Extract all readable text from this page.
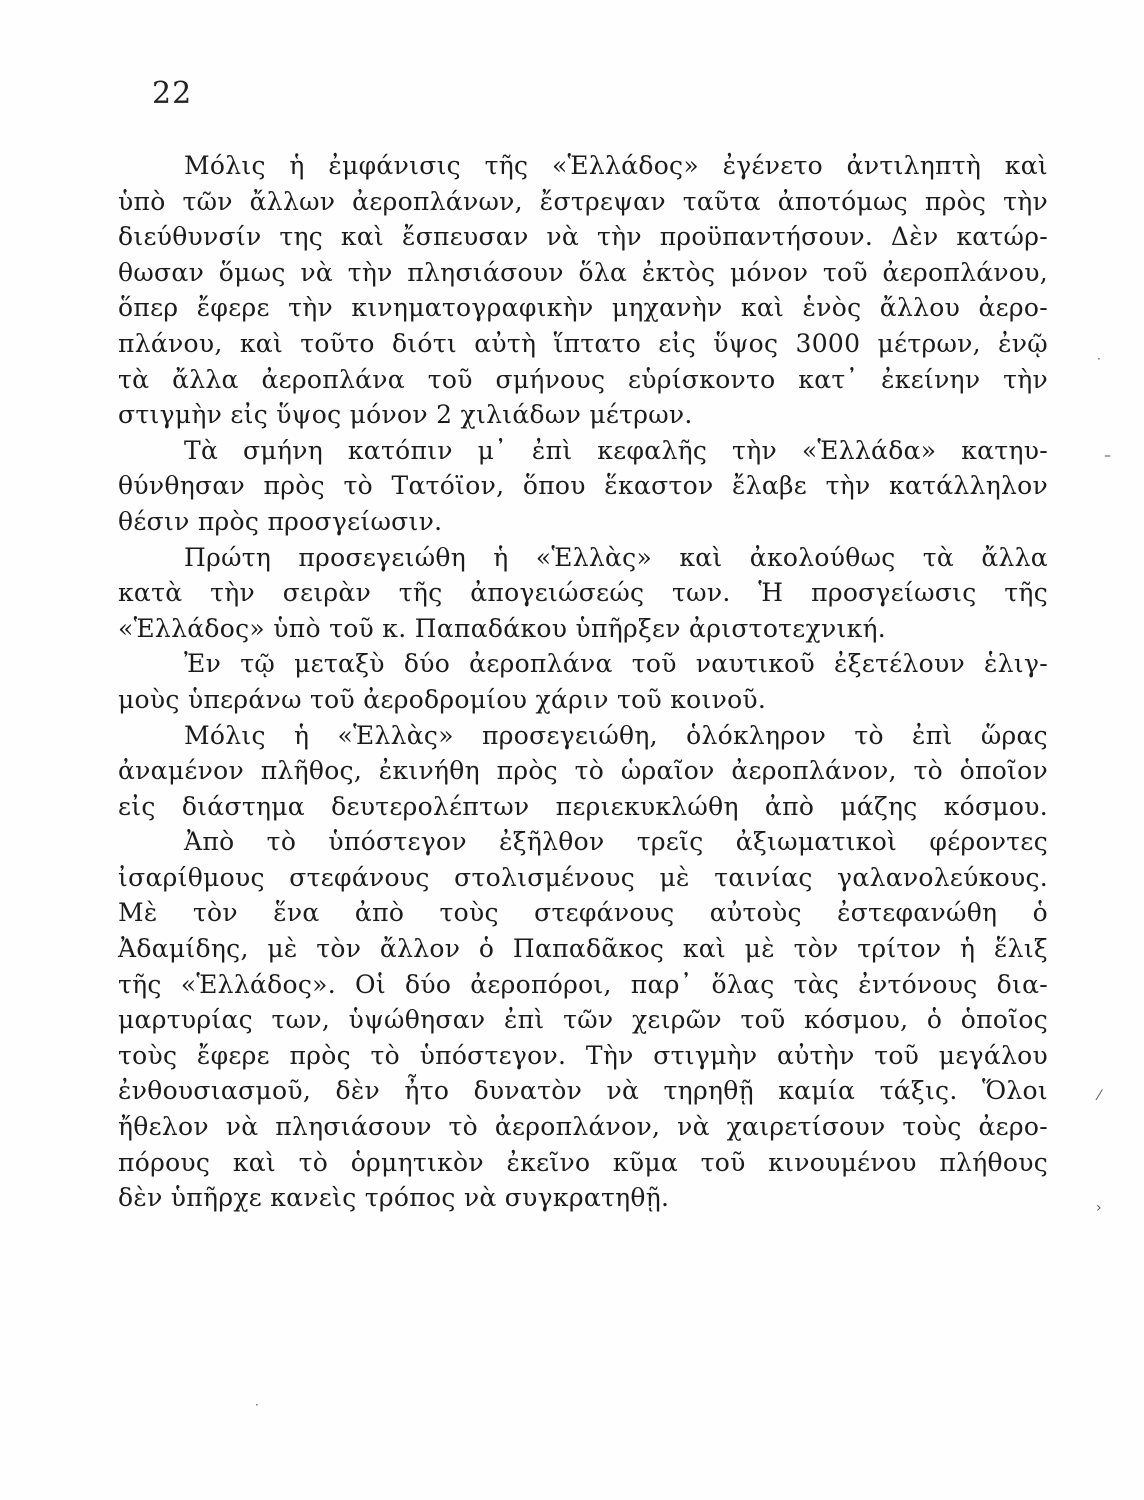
22
Μόλις ἡ ἐμφάνισις τῆς «Ἑλλάδος» ἐγένετο ἀντιληπτὴ καὶ
ὑπὸ τῶν ἄλλων ἀεροπλάνων, ἔστρεψαν ταῦτα ἀποτόμως πρὸς τὴν
διεύθυνσίν της καὶ ἔσπευσαν νὰ τὴν προϋπαντήσουν. Δὲν κατώρ-
θωσαν ὅμως νὰ τὴν πλησιάσουν ὅλα ἐκτὸς μόνον τοῦ ἀεροπλάνου,
ὅπερ ἔφερε τὴν κινηματογραφικὴν μηχανὴν καὶ ἑνὸς ἄλλου ἀερο-
πλάνου, καὶ τοῦτο διότι αὐτὴ ἵπτατο εἰς ὕψος 3000 μέτρων, ἐνῷ
τὰ ἄλλα ἀεροπλάνα τοῦ σμήνους εὑρίσκοντο κατ᾽ ἐκείνην τὴν
στιγμὴν εἰς ὕψος μόνον 2 χιλιάδων μέτρων.
Τὰ σμήνη κατόπιν μ᾽ ἐπὶ κεφαλῆς τὴν «Ἑλλάδα» κατηυ-
θύνθησαν πρὸς τὸ Τατόϊον, ὅπου ἕκαστον ἔλαβε τὴν κατάλληλον
θέσιν πρὸς προσγείωσιν.
Πρώτη προσεγειώθη ἡ «Ἑλλὰς» καὶ ἀκολούθως τὰ ἄλλα
κατὰ τὴν σειρὰν τῆς ἀπογειώσεώς των. Ἡ προσγείωσις τῆς
«Ἑλλάδος» ὑπὸ τοῦ κ. Παπαδάκου ὑπῆρξεν ἀριστοτεχνική.
Ἐν τῷ μεταξὺ δύο ἀεροπλάνα τοῦ ναυτικοῦ ἐξετέλουν ἑλιγ-
μοὺς ὑπεράνω τοῦ ἀεροδρομίου χάριν τοῦ κοινοῦ.
Μόλις ἡ «Ἑλλὰς» προσεγειώθη, ὁλόκληρον τὸ ἐπὶ ὥρας
ἀναμένον πλῆθος, ἐκινήθη πρὸς τὸ ὡραῖον ἀεροπλάνον, τὸ ὁποῖον
εἰς διάστημα δευτερολέπτων περιεκυκλώθη ἀπὸ μάζης κόσμου.
Ἀπὸ τὸ ὑπόστεγον ἐξῆλθον τρεῖς ἀξιωματικοὶ φέροντες
ἰσαρίθμους στεφάνους στολισμένους μὲ ταινίας γαλανολεύκους.
Μὲ τὸν ἕνα ἀπὸ τοὺς στεφάνους αὐτοὺς ἐστεφανώθη ὁ
Ἀδαμίδης, μὲ τὸν ἄλλον ὁ Παπαδᾶκος καὶ μὲ τὸν τρίτον ἡ ἕλιξ
τῆς «Ἑλλάδος». Οἱ δύο ἀεροπόροι, παρ᾽ ὅλας τὰς ἐντόνους δια-
μαρτυρίας των, ὑψώθησαν ἐπὶ τῶν χειρῶν τοῦ κόσμου, ὁ ὁποῖος
τοὺς ἔφερε πρὸς τὸ ὑπόστεγον. Τὴν στιγμὴν αὐτὴν τοῦ μεγάλου
ἐνθουσιασμοῦ, δὲν ἦτο δυνατὸν νὰ τηρηθῇ καμία τάξις. Ὅλοι
ἤθελον νὰ πλησιάσουν τὸ ἀεροπλάνον, νὰ χαιρετίσουν τοὺς ἀερο-
πόρους καὶ τὸ ὁρμητικὸν ἐκεῖνο κῦμα τοῦ κινουμένου πλήθους
δὲν ὑπῆρχε κανεὶς τρόπος νὰ συγκρατηθῇ.
·
–
⁄
›
·
